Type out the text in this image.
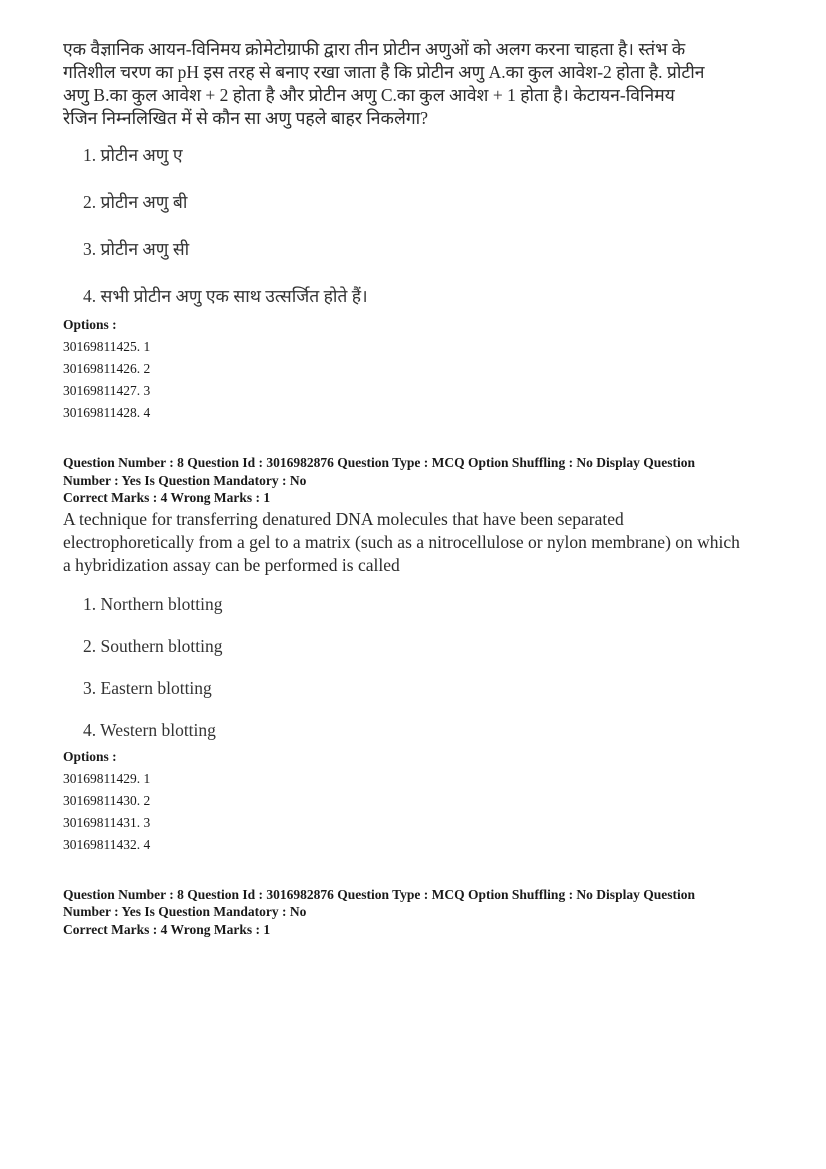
एक वैज्ञानिक आयन-विनिमय क्रोमेटोग्राफी द्वारा तीन प्रोटीन अणुओं को अलग करना चाहता है। स्तंभ के
गतिशील चरण का pH इस तरह से बनाए रखा जाता है कि प्रोटीन अणु A.का कुल आवेश-2 होता है. प्रोटीन
अणु B.का कुल आवेश + 2 होता है और प्रोटीन अणु C.का कुल आवेश + 1 होता है। केटायन-विनिमय
रेजिन निम्नलिखित में से कौन सा अणु पहले बाहर निकलेगा?

1. प्रोटीन अणु ए
2. प्रोटीन अणु बी
3. प्रोटीन अणु सी
4. सभी प्रोटीन अणु एक साथ उत्सर्जित होते हैं।

Options :

30169811425. 1

30169811426. 2

30169811427. 3

30169811428. 4

Question Number : 8 Question Id : 3016982876 Question Type : MCQ Option Shuffling : No Display Question

Number : Yes Is Question Mandatory : No

Correct Marks : 4 Wrong Marks : 1

A technique for transferring denatured DNA molecules that have been separated
electrophoretically from a gel to a matrix (such as a nitrocellulose or nylon membrane) on which
a hybridization assay can be performed is called

1. Northern blotting
2. Southern blotting
3. Eastern blotting
4. Western blotting

Options :

30169811429. 1

30169811430. 2

30169811431. 3

30169811432. 4

Question Number : 8 Question Id : 3016982876 Question Type : MCQ Option Shuffling : No Display Question

Number : Yes Is Question Mandatory : No

Correct Marks : 4 Wrong Marks : 1
